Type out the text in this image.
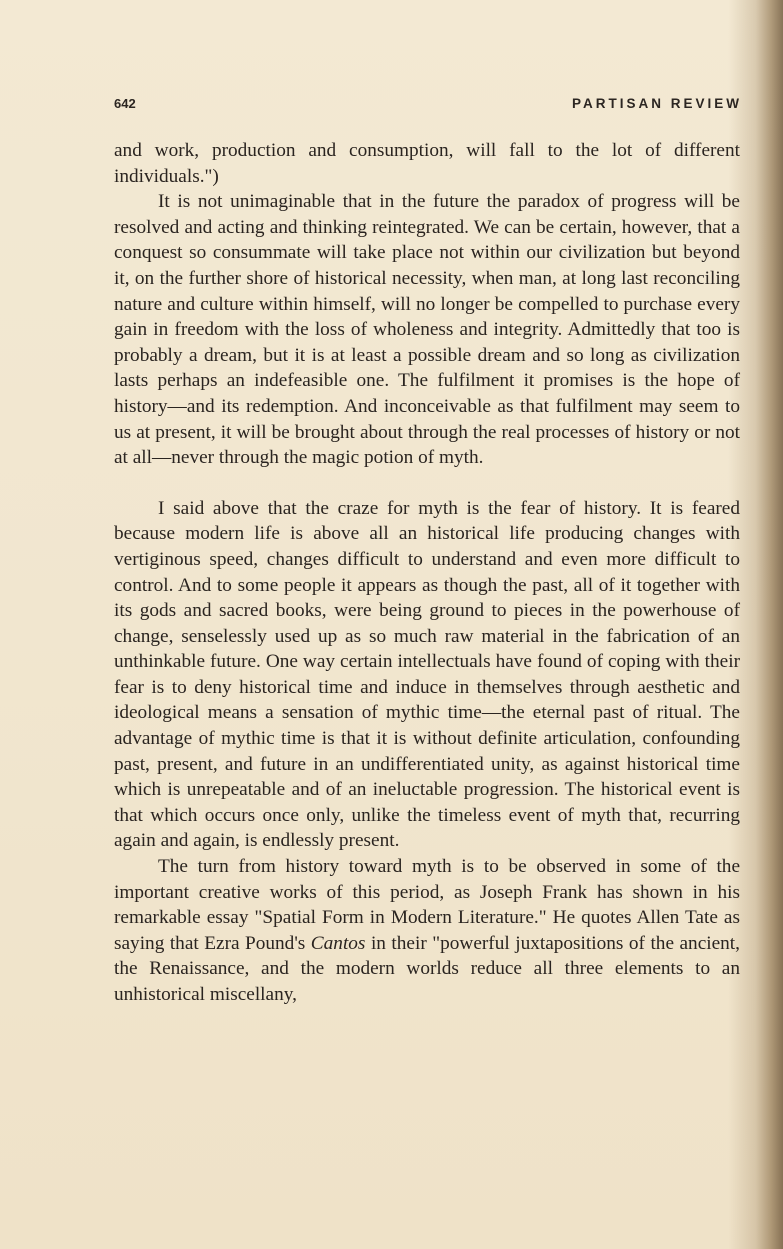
642	PARTISAN REVIEW

and work, production and consumption, will fall to the lot of different individuals.")

It is not unimaginable that in the future the paradox of progress will be resolved and acting and thinking reintegrated. We can be certain, however, that a conquest so consummate will take place not within our civilization but beyond it, on the further shore of historical necessity, when man, at long last reconciling nature and culture within himself, will no longer be compelled to purchase every gain in freedom with the loss of wholeness and integrity. Admittedly that too is probably a dream, but it is at least a possible dream and so long as civilization lasts perhaps an indefeasible one. The fulfilment it promises is the hope of history—and its redemption. And inconceivable as that fulfilment may seem to us at present, it will be brought about through the real processes of history or not at all—never through the magic potion of myth.

I said above that the craze for myth is the fear of history. It is feared because modern life is above all an historical life producing changes with vertiginous speed, changes difficult to understand and even more difficult to control. And to some people it appears as though the past, all of it together with its gods and sacred books, were being ground to pieces in the powerhouse of change, senselessly used up as so much raw material in the fabrication of an unthinkable future. One way certain intellectuals have found of coping with their fear is to deny historical time and induce in themselves through aesthetic and ideological means a sensation of mythic time—the eternal past of ritual. The advantage of mythic time is that it is without definite articulation, confounding past, present, and future in an undifferentiated unity, as against historical time which is unrepeatable and of an ineluctable progression. The historical event is that which occurs once only, unlike the timeless event of myth that, recurring again and again, is endlessly present.

The turn from history toward myth is to be observed in some of the important creative works of this period, as Joseph Frank has shown in his remarkable essay "Spatial Form in Modern Literature." He quotes Allen Tate as saying that Ezra Pound's Cantos in their "powerful juxtapositions of the ancient, the Renaissance, and the modern worlds reduce all three elements to an unhistorical miscellany,
